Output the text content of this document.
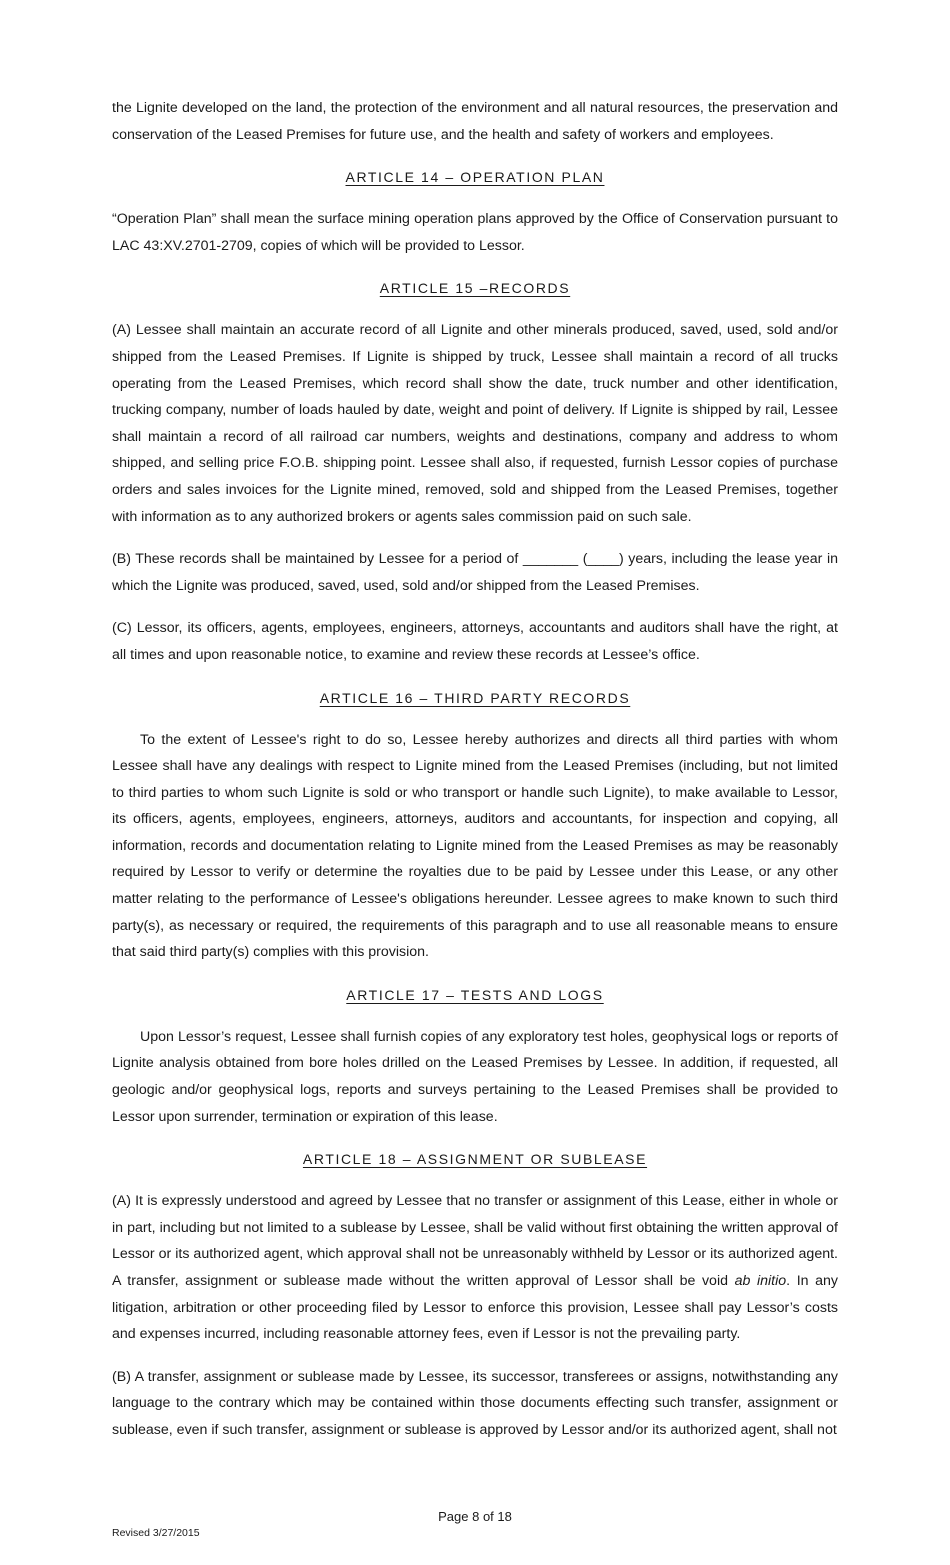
the Lignite developed on the land, the protection of the environment and all natural resources, the preservation and conservation of the Leased Premises for future use, and the health and safety of workers and employees.

ARTICLE 14 – OPERATION PLAN

“Operation Plan” shall mean the surface mining operation plans approved by the Office of Conservation pursuant to LAC 43:XV.2701-2709, copies of which will be provided to Lessor.

ARTICLE 15 –RECORDS

(A) Lessee shall maintain an accurate record of all Lignite and other minerals produced, saved, used, sold and/or shipped from the Leased Premises. If Lignite is shipped by truck, Lessee shall maintain a record of all trucks operating from the Leased Premises, which record shall show the date, truck number and other identification, trucking company, number of loads hauled by date, weight and point of delivery. If Lignite is shipped by rail, Lessee shall maintain a record of all railroad car numbers, weights and destinations, company and address to whom shipped, and selling price F.O.B. shipping point. Lessee shall also, if requested, furnish Lessor copies of purchase orders and sales invoices for the Lignite mined, removed, sold and shipped from the Leased Premises, together with information as to any authorized brokers or agents sales commission paid on such sale.

(B) These records shall be maintained by Lessee for a period of _______ (____) years, including the lease year in which the Lignite was produced, saved, used, sold and/or shipped from the Leased Premises.

(C) Lessor, its officers, agents, employees, engineers, attorneys, accountants and auditors shall have the right, at all times and upon reasonable notice, to examine and review these records at Lessee’s office.

ARTICLE 16 – THIRD PARTY RECORDS

To the extent of Lessee's right to do so, Lessee hereby authorizes and directs all third parties with whom Lessee shall have any dealings with respect to Lignite mined from the Leased Premises (including, but not limited to third parties to whom such Lignite is sold or who transport or handle such Lignite), to make available to Lessor, its officers, agents, employees, engineers, attorneys, auditors and accountants, for inspection and copying, all information, records and documentation relating to Lignite mined from the Leased Premises as may be reasonably required by Lessor to verify or determine the royalties due to be paid by Lessee under this Lease, or any other matter relating to the performance of Lessee's obligations hereunder. Lessee agrees to make known to such third party(s), as necessary or required, the requirements of this paragraph and to use all reasonable means to ensure that said third party(s) complies with this provision.

ARTICLE 17 – TESTS AND LOGS

Upon Lessor’s request, Lessee shall furnish copies of any exploratory test holes, geophysical logs or reports of Lignite analysis obtained from bore holes drilled on the Leased Premises by Lessee. In addition, if requested, all geologic and/or geophysical logs, reports and surveys pertaining to the Leased Premises shall be provided to Lessor upon surrender, termination or expiration of this lease.

ARTICLE 18 – ASSIGNMENT OR SUBLEASE

(A) It is expressly understood and agreed by Lessee that no transfer or assignment of this Lease, either in whole or in part, including but not limited to a sublease by Lessee, shall be valid without first obtaining the written approval of Lessor or its authorized agent, which approval shall not be unreasonably withheld by Lessor or its authorized agent. A transfer, assignment or sublease made without the written approval of Lessor shall be void ab initio. In any litigation, arbitration or other proceeding filed by Lessor to enforce this provision, Lessee shall pay Lessor’s costs and expenses incurred, including reasonable attorney fees, even if Lessor is not the prevailing party.

(B) A transfer, assignment or sublease made by Lessee, its successor, transferees or assigns, notwithstanding any language to the contrary which may be contained within those documents effecting such transfer, assignment or sublease, even if such transfer, assignment or sublease is approved by Lessor and/or its authorized agent, shall not

Page 8 of 18
Revised 3/27/2015
